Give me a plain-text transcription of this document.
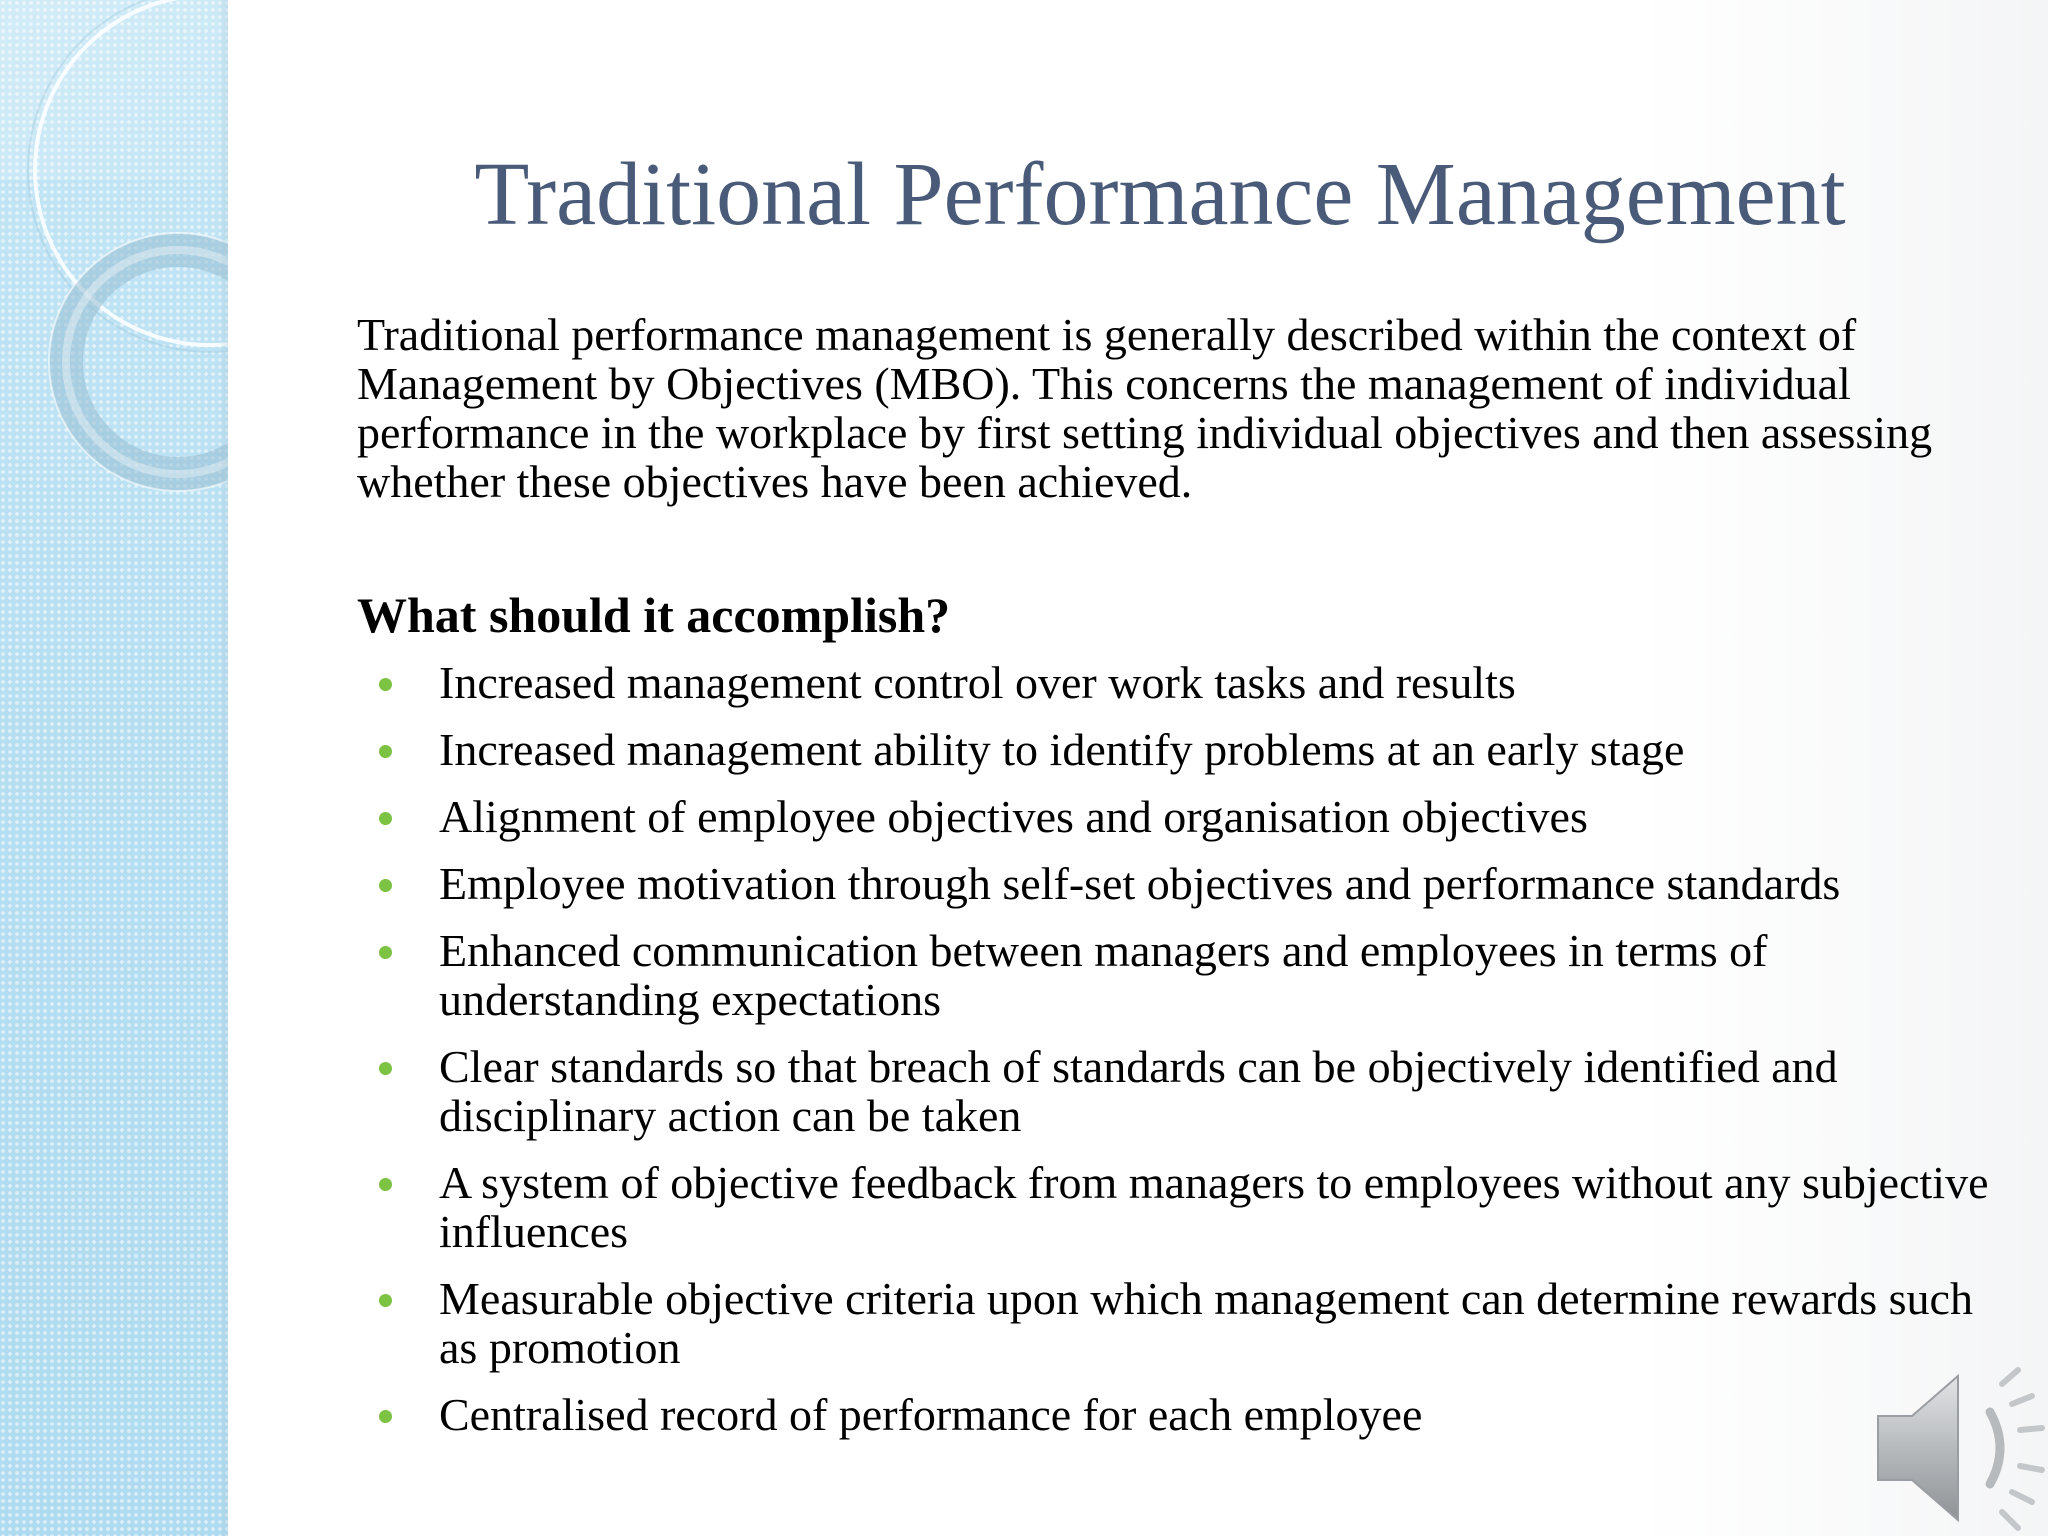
Traditional Performance Management

Traditional performance management is generally described within the context of Management by Objectives (MBO). This concerns the management of individual performance in the workplace by first setting individual objectives and then assessing whether these objectives have been achieved.

What should it accomplish?
Increased management control over work tasks and results
Increased management ability to identify problems at an early stage
Alignment of employee objectives and organisation objectives
Employee motivation through self-set objectives and performance standards
Enhanced communication between managers and employees in terms of understanding expectations
Clear standards so that breach of standards can be objectively identified and disciplinary action can be taken
A system of objective feedback from managers to employees without any subjective influences
Measurable objective criteria upon which management can determine rewards such as promotion
Centralised record of performance for each employee
